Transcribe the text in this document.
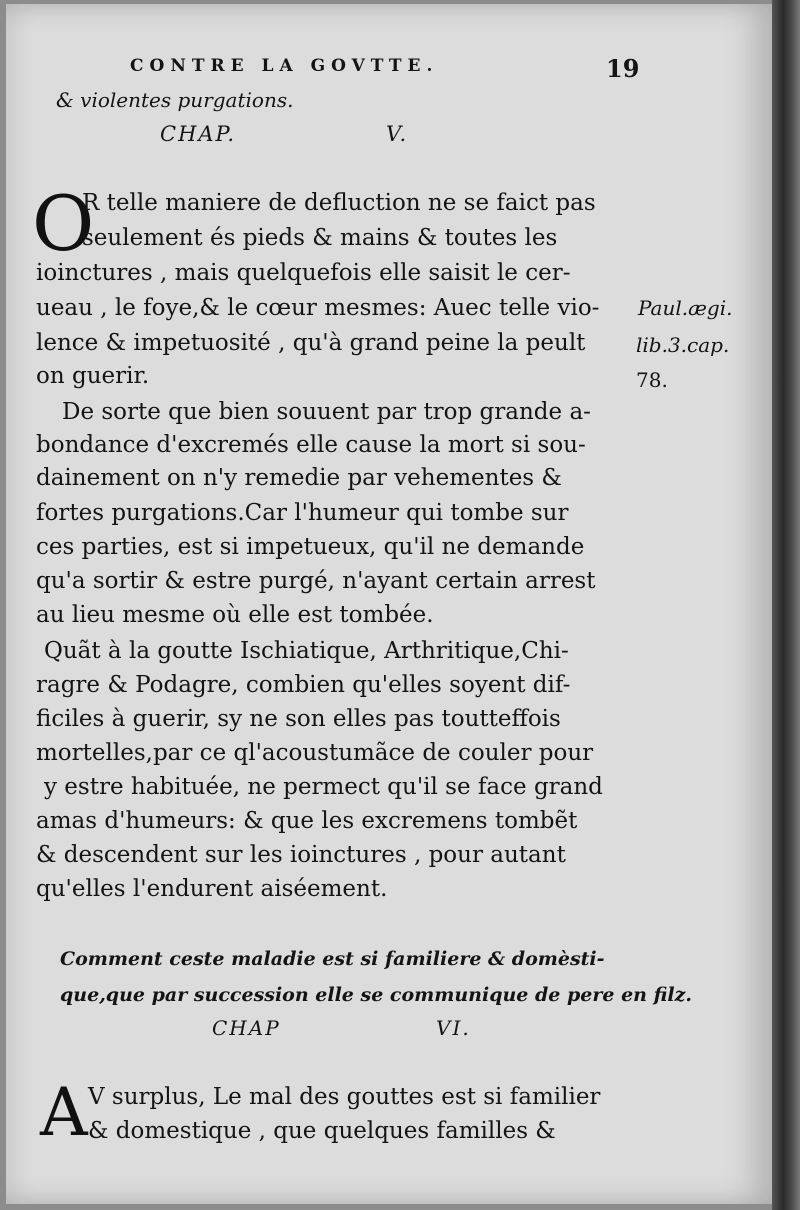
CONTRE LA GOVTTE.	19
& violentes purgations.
CHAP.	V.
O
R telle maniere de defluction ne se faict pas
seulement és pieds & mains & toutes les
ioinctures , mais quelquefois elle saisit le cer-
ueau , le foye,& le cœur mesmes: Auec telle vio-
lence & impetuosité , qu'à grand peine la peult
on guerir.
Paul.ægi.
lib.3.cap.
78.
De sorte que bien souuent par trop grande a-
bondance d'excremés elle cause la mort si sou-
dainement on n'y remedie par vehementes &
fortes purgations.Car l'humeur qui tombe sur
ces parties, est si impetueux, qu'il ne demande
qu'a sortir & estre purgé, n'ayant certain arrest
au lieu mesme où elle est tombée.
Quãt à la goutte Ischiatique, Arthritique,Chi-
ragre & Podagre, combien qu'elles soyent dif-
ficiles à guerir, sy ne son elles pas toutteffois
mortelles,par ce ql'acoustumãce de couler pour
y estre habituée, ne permect qu'il se face grand
amas d'humeurs: & que les excremens tombẽt
& descendent sur les ioinctures , pour autant
qu'elles l'endurent aiséement.
Comment ceste maladie est si familiere & domèsti-
que,que par succession elle se communique de pere en filz.
CHAP	VI.
A V surplus, Le mal des gouttes est si familier
& domestique , que quelques familles &
